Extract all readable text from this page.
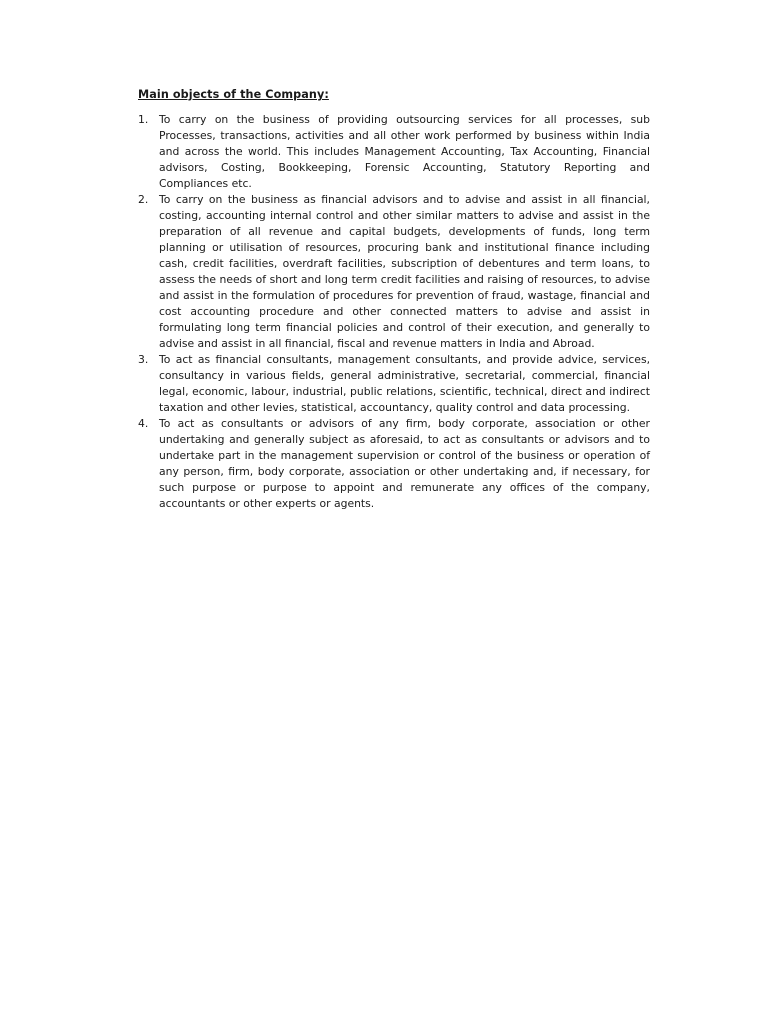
Main objects of the Company:
1. To carry on the business of providing outsourcing services for all processes, sub Processes, transactions, activities and all other work performed by business within India and across the world. This includes Management Accounting, Tax Accounting, Financial advisors, Costing, Bookkeeping, Forensic Accounting, Statutory Reporting and Compliances etc.
2. To carry on the business as financial advisors and to advise and assist in all financial, costing, accounting internal control and other similar matters to advise and assist in the preparation of all revenue and capital budgets, developments of funds, long term planning or utilisation of resources, procuring bank and institutional finance including cash, credit facilities, overdraft facilities, subscription of debentures and term loans, to assess the needs of short and long term credit facilities and raising of resources, to advise and assist in the formulation of procedures for prevention of fraud, wastage, financial and cost accounting procedure and other connected matters to advise and assist in formulating long term financial policies and control of their execution, and generally to advise and assist in all financial, fiscal and revenue matters in India and Abroad.
3. To act as financial consultants, management consultants, and provide advice, services, consultancy in various fields, general administrative, secretarial, commercial, financial legal, economic, labour, industrial, public relations, scientific, technical, direct and indirect taxation and other levies, statistical, accountancy, quality control and data processing.
4. To act as consultants or advisors of any firm, body corporate, association or other undertaking and generally subject as aforesaid, to act as consultants or advisors and to undertake part in the management supervision or control of the business or operation of any person, firm, body corporate, association or other undertaking and, if necessary, for such purpose or purpose to appoint and remunerate any offices of the company, accountants or other experts or agents.
